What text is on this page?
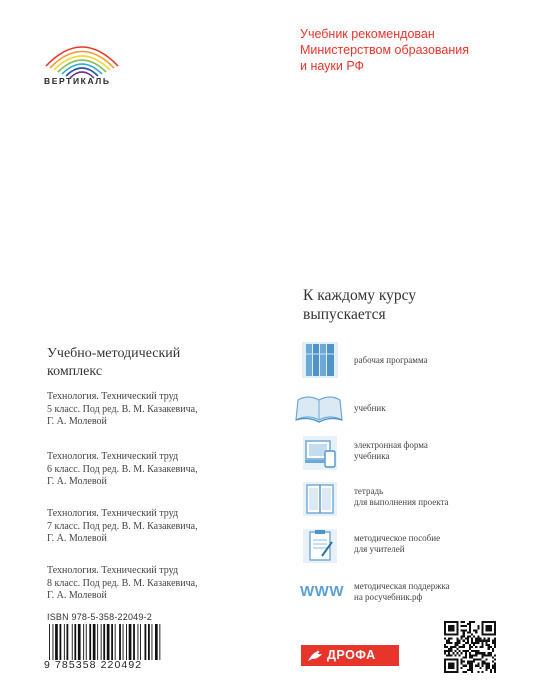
ВЕРТИКАЛЬ
Учебник рекомендован
Министерством образования
и науки РФ
К каждому курсу
выпускается
Учебно-методический
комплекс
Технология. Технический труд
5 класс. Под ред. В. М. Казакевича,
Г. А. Молевой
Технология. Технический труд
6 класс. Под ред. В. М. Казакевича,
Г. А. Молевой
Технология. Технический труд
7 класс. Под ред. В. М. Казакевича,
Г. А. Молевой
Технология. Технический труд
8 класс. Под ред. В. М. Казакевича,
Г. А. Молевой
рабочая программа
учебник
электронная форма
учебника
тетрадь
для выполнения проекта
методическое пособие
для учителей
WWW методическая поддержка
на росучебник.рф
ISBN 978-5-358-22049-2
9 785358 220492
ДРОФА
